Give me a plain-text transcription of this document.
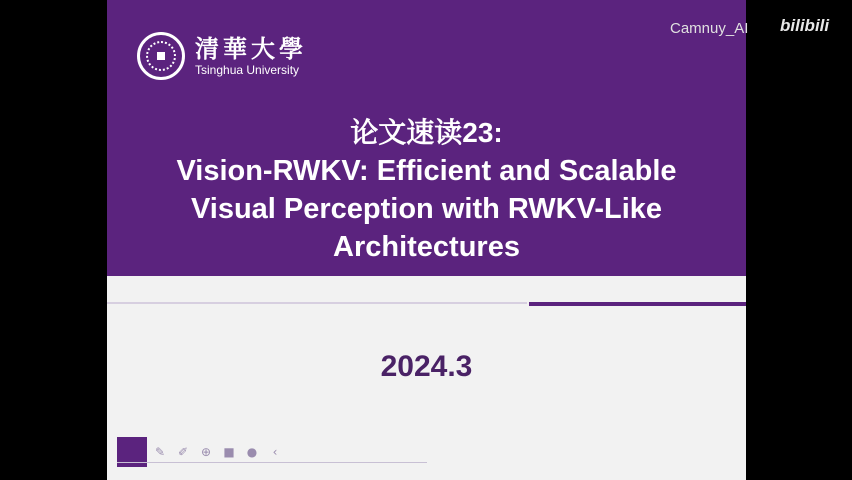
清華大學
Tsinghua University
论文速读23:
Vision-RWKV: Efficient and Scalable
Visual Perception with RWKV-Like
Architectures
2024.3
✎ ✐ ⊕ ■ ●	‹
Camnuy_AI bilibili
